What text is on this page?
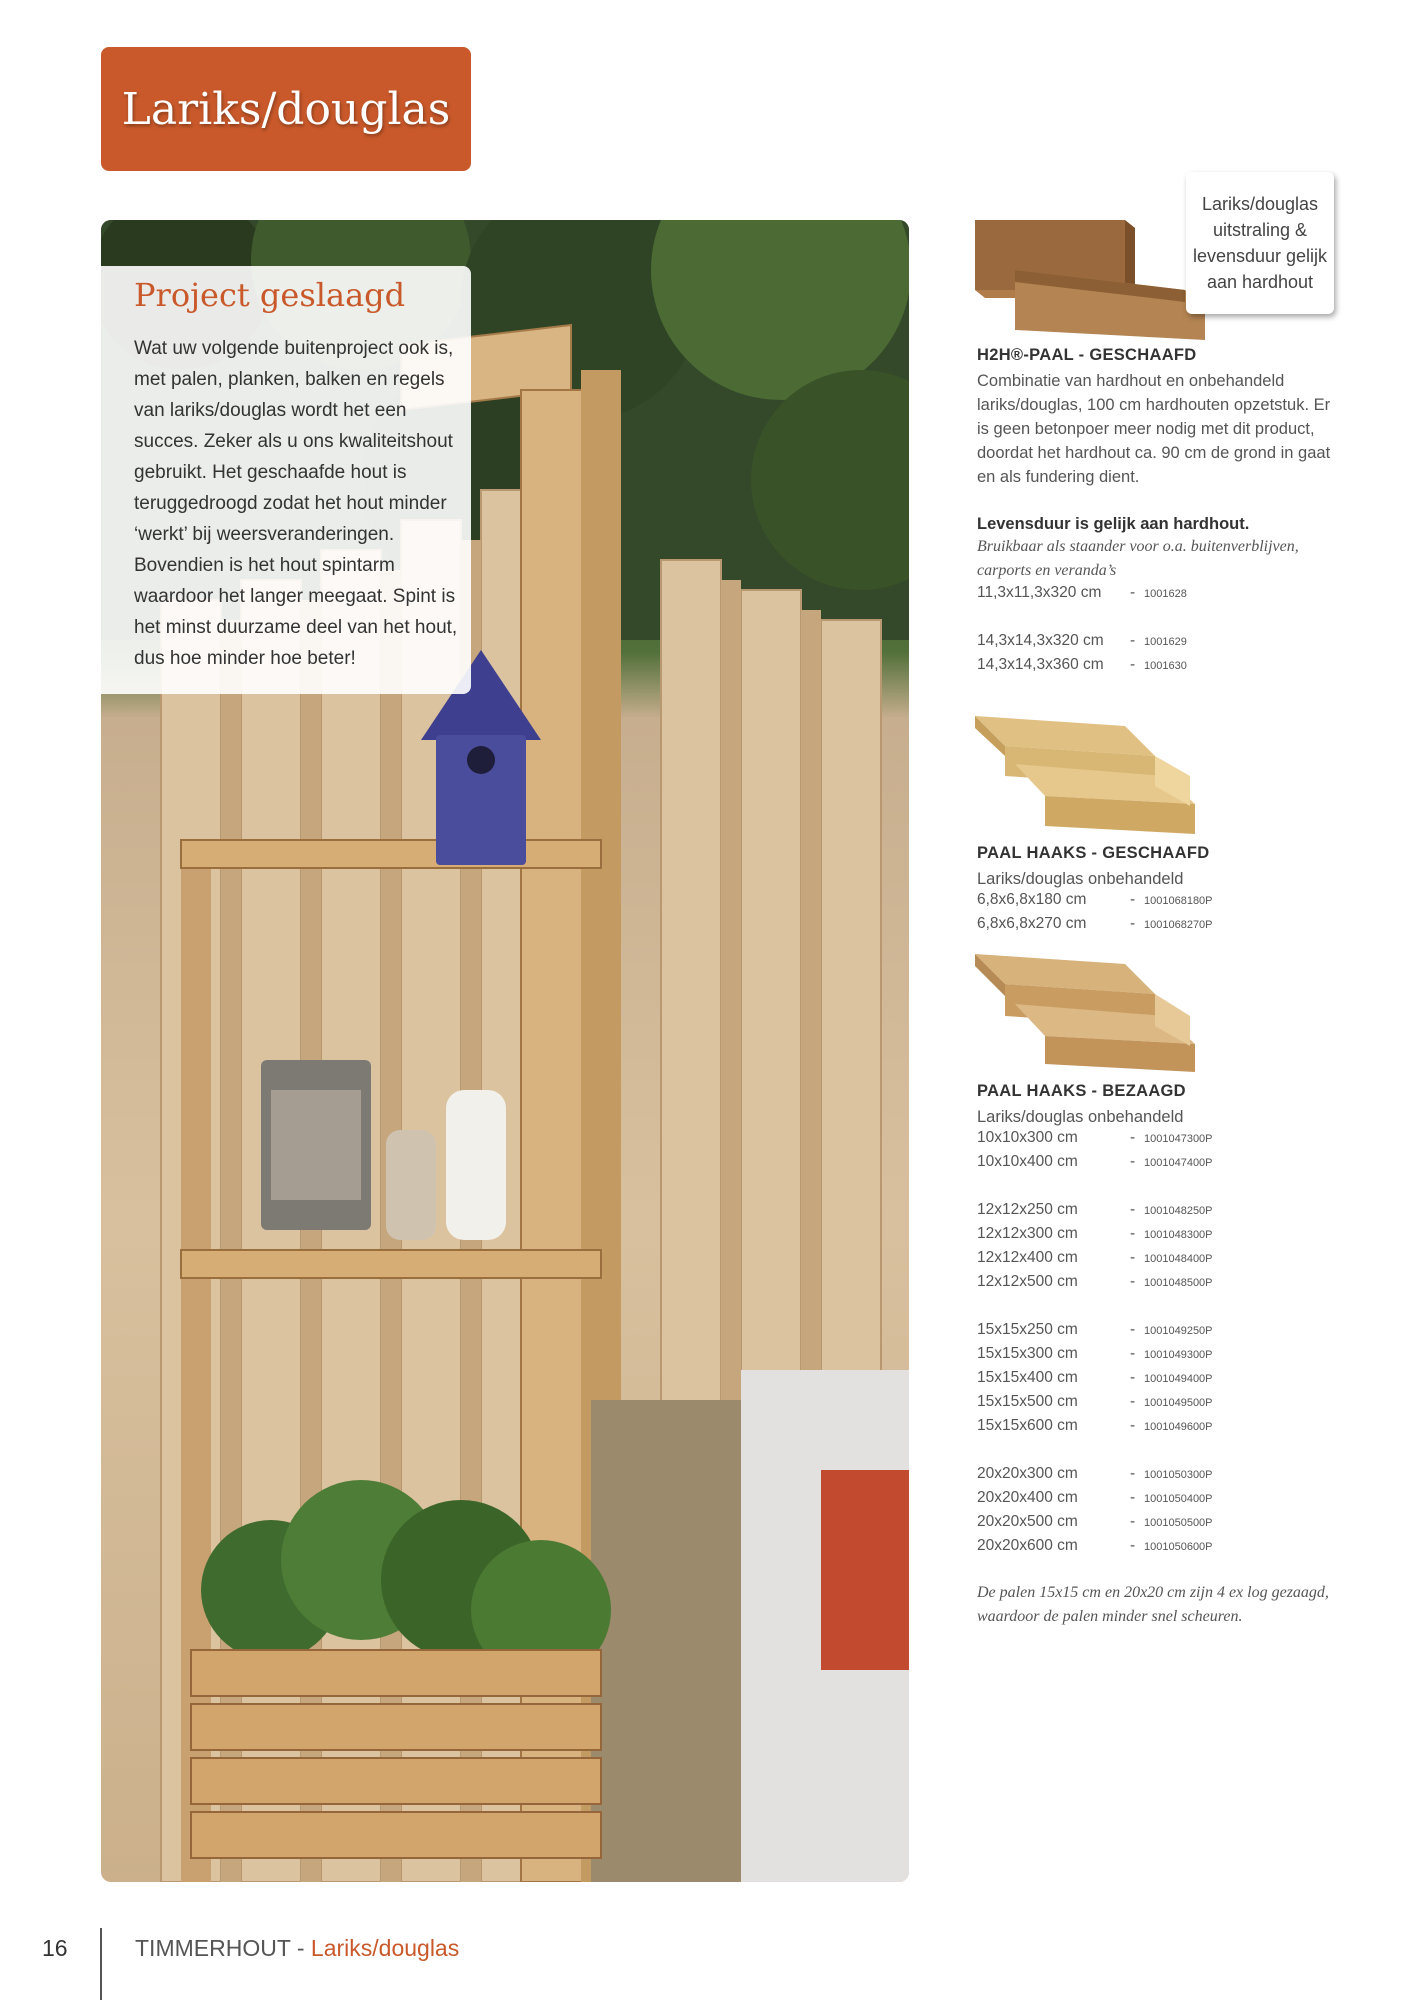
Lariks/douglas
Project geslaagd
Wat uw volgende buitenproject ook is, met palen, planken, balken en regels van lariks/douglas wordt het een succes. Zeker als u ons kwaliteitshout gebruikt. Het geschaafde hout is teruggedroogd zodat het hout minder ‘werkt’ bij weersveranderingen. Bovendien is het hout spintarm waardoor het langer meegaat. Spint is het minst duurzame deel van het hout, dus hoe minder hoe beter!
Lariks/douglas uitstraling & levensduur gelijk aan hardhout
H2H®-PAAL - GESCHAAFD
Combinatie van hardhout en onbehandeld lariks/douglas, 100 cm hardhouten opzetstuk. Er is geen betonpoer meer nodig met dit product, doordat het hardhout ca. 90 cm de grond in gaat en als fundering dient.
Levensduur is gelijk aan hardhout.
Bruikbaar als staander voor o.a. buitenverblijven, carports en veranda’s
11,3x11,3x320 cm - 1001628
14,3x14,3x320 cm - 1001629
14,3x14,3x360 cm - 1001630
PAAL HAAKS - GESCHAAFD
Lariks/douglas onbehandeld
6,8x6,8x180 cm	- 1001068180P
6,8x6,8x270 cm	- 1001068270P
PAAL HAAKS - BEZAAGD
Lariks/douglas onbehandeld
10x10x300 cm	- 1001047300P
10x10x400 cm	- 1001047400P
12x12x250 cm	- 1001048250P
12x12x300 cm	- 1001048300P
12x12x400 cm	- 1001048400P
12x12x500 cm	- 1001048500P
15x15x250 cm	- 1001049250P
15x15x300 cm	- 1001049300P
15x15x400 cm	- 1001049400P
15x15x500 cm	- 1001049500P
15x15x600 cm	- 1001049600P
20x20x300 cm	- 1001050300P
20x20x400 cm	- 1001050400P
20x20x500 cm	- 1001050500P
20x20x600 cm	- 1001050600P
De palen 15x15 cm en 20x20 cm zijn 4 ex log gezaagd, waardoor de palen minder snel scheuren.
16	TIMMERHOUT - Lariks/douglas
